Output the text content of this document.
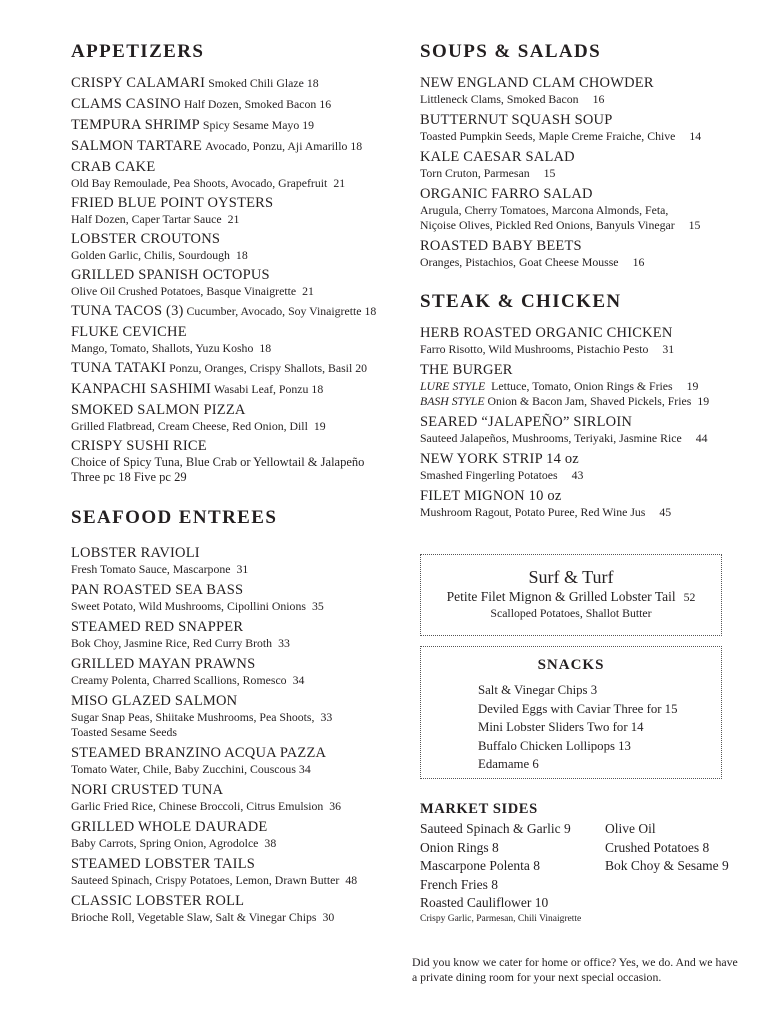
APPETIZERS
CRISPY CALAMARI Smoked Chili Glaze 18
CLAMS CASINO Half Dozen, Smoked Bacon 16
TEMPURA SHRIMP Spicy Sesame Mayo 19
SALMON TARTARE Avocado, Ponzu, Aji Amarillo 18
CRAB CAKE
Old Bay Remoulade, Pea Shoots, Avocado, Grapefruit 21
FRIED BLUE POINT OYSTERS
Half Dozen, Caper Tartar Sauce 21
LOBSTER CROUTONS
Golden Garlic, Chilis, Sourdough 18
GRILLED SPANISH OCTOPUS
Olive Oil Crushed Potatoes, Basque Vinaigrette 21
TUNA TACOS (3) Cucumber, Avocado, Soy Vinaigrette 18
FLUKE CEVICHE
Mango, Tomato, Shallots, Yuzu Kosho 18
TUNA TATAKI Ponzu, Oranges, Crispy Shallots, Basil 20
KANPACHI SASHIMI Wasabi Leaf, Ponzu 18
SMOKED SALMON PIZZA
Grilled Flatbread, Cream Cheese, Red Onion, Dill 19
CRISPY SUSHI RICE
Choice of Spicy Tuna, Blue Crab or Yellowtail & Jalapeño
Three pc 18 Five pc 29
SEAFOOD ENTREES
LOBSTER RAVIOLI
Fresh Tomato Sauce, Mascarpone 31
PAN ROASTED SEA BASS
Sweet Potato, Wild Mushrooms, Cipollini Onions 35
STEAMED RED SNAPPER
Bok Choy, Jasmine Rice, Red Curry Broth 33
GRILLED MAYAN PRAWNS
Creamy Polenta, Charred Scallions, Romesco 34
MISO GLAZED SALMON
Sugar Snap Peas, Shiitake Mushrooms, Pea Shoots, 33
Toasted Sesame Seeds
STEAMED BRANZINO ACQUA PAZZA
Tomato Water, Chile, Baby Zucchini, Couscous 34
NORI CRUSTED TUNA
Garlic Fried Rice, Chinese Broccoli, Citrus Emulsion 36
GRILLED WHOLE DAURADE
Baby Carrots, Spring Onion, Agrodolce 38
STEAMED LOBSTER TAILS
Sauteed Spinach, Crispy Potatoes, Lemon, Drawn Butter 48
CLASSIC LOBSTER ROLL
Brioche Roll, Vegetable Slaw, Salt & Vinegar Chips 30
SOUPS & SALADS
NEW ENGLAND CLAM CHOWDER
Littleneck Clams, Smoked Bacon 16
BUTTERNUT SQUASH SOUP
Toasted Pumpkin Seeds, Maple Creme Fraiche, Chive 14
KALE CAESAR SALAD
Torn Cruton, Parmesan 15
ORGANIC FARRO SALAD
Arugula, Cherry Tomatoes, Marcona Almonds, Feta,
Niçoise Olives, Pickled Red Onions, Banyuls Vinegar 15
ROASTED BABY BEETS
Oranges, Pistachios, Goat Cheese Mousse 16
STEAK & CHICKEN
HERB ROASTED ORGANIC CHICKEN
Farro Risotto, Wild Mushrooms, Pistachio Pesto 31
THE BURGER
LURE STYLE Lettuce, Tomato, Onion Rings & Fries 19
BASH STYLE Onion & Bacon Jam, Shaved Pickels, Fries 19
SEARED “JALAPEÑO” SIRLOIN
Sauteed Jalapeños, Mushrooms, Teriyaki, Jasmine Rice 44
NEW YORK STRIP 14 oz
Smashed Fingerling Potatoes 43
FILET MIGNON 10 oz
Mushroom Ragout, Potato Puree, Red Wine Jus 45
Surf & Turf
Petite Filet Mignon & Grilled Lobster Tail 52
Scalloped Potatoes, Shallot Butter
SNACKS
Salt & Vinegar Chips 3
Deviled Eggs with Caviar Three for 15
Mini Lobster Sliders Two for 14
Buffalo Chicken Lollipops 13
Edamame 6
MARKET SIDES
Sauteed Spinach & Garlic 9
Onion Rings 8
Mascarpone Polenta 8
French Fries 8
Roasted Cauliflower 10
Crispy Garlic, Parmesan, Chili Vinaigrette
Olive Oil
Crushed Potatoes 8
Bok Choy & Sesame 9
Did you know we cater for home or office? Yes, we do. And we have a private dining room for your next special occasion.
